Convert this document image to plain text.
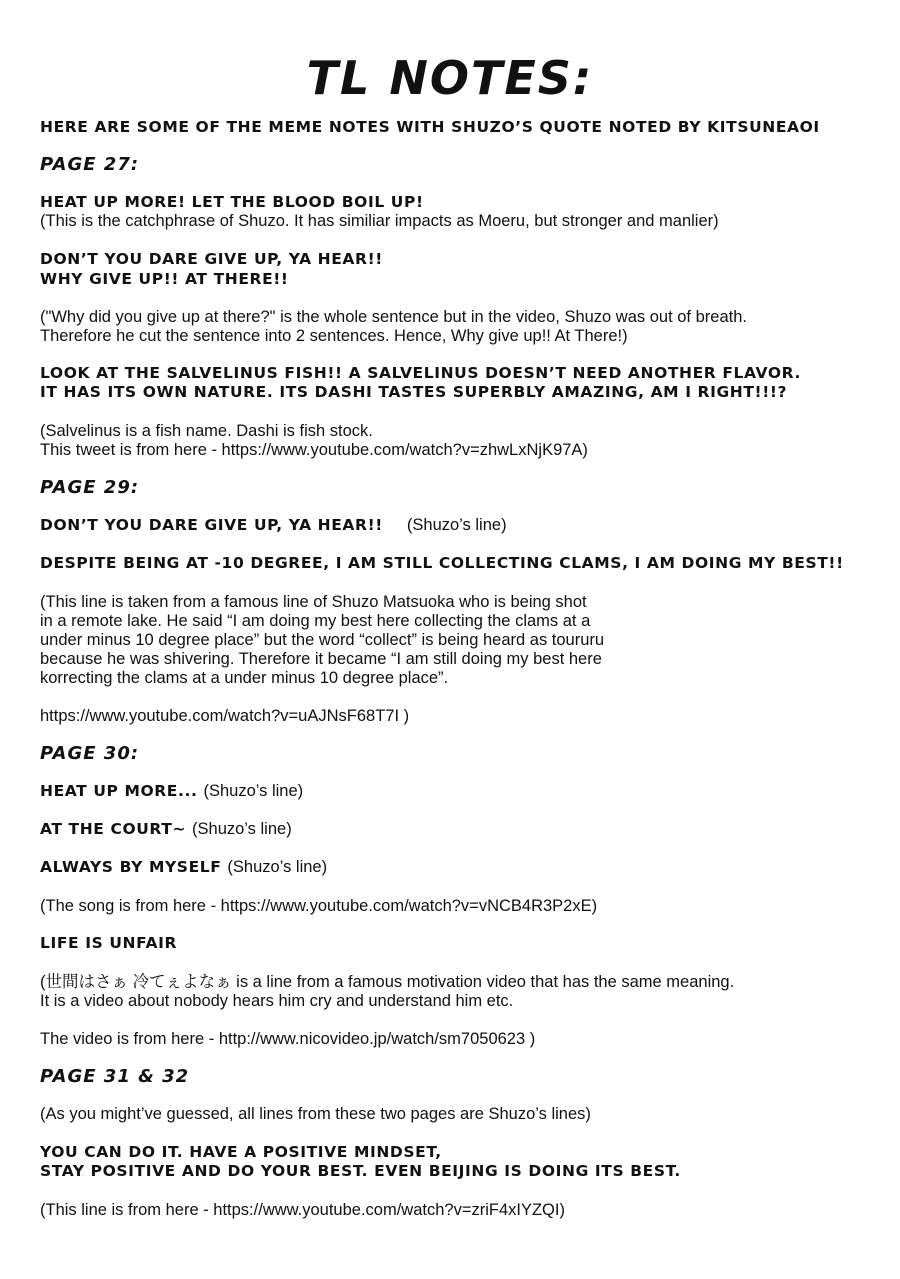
TL NOTES:
HERE ARE SOME OF THE MEME NOTES WITH SHUZO’S QUOTE NOTED BY KITSUNEAOI
PAGE 27:
HEAT UP MORE! LET THE BLOOD BOIL UP!
(This is the catchphrase of Shuzo. It has similiar impacts as Moeru, but stronger and manlier)
DON’T YOU DARE GIVE UP, YA HEAR!!
WHY GIVE UP!! AT THERE!!
("Why did you give up at there?" is the whole sentence but in the video, Shuzo was out of breath.
Therefore he cut the sentence into 2 sentences. Hence, Why give up!! At There!)
LOOK AT THE SALVELINUS FISH!! A SALVELINUS DOESN’T NEED ANOTHER FLAVOR.
IT HAS ITS OWN NATURE. ITS DASHI TASTES SUPERBLY AMAZING, AM I RIGHT!!!?
(Salvelinus is a fish name. Dashi is fish stock.
This tweet is from here - https://www.youtube.com/watch?v=zhwLxNjK97A)
PAGE 29:
DON’T YOU DARE GIVE UP, YA HEAR!! (Shuzo’s line)
DESPITE BEING AT -10 DEGREE, I AM STILL COLLECTING CLAMS, I AM DOING MY BEST!!
(This line is taken from a famous line of Shuzo Matsuoka who is being shot
in a remote lake. He said “I am doing my best here collecting the clams at a
under minus 10 degree place” but the word “collect” is being heard as toururu
because he was shivering. Therefore it became “I am still doing my best here
korrecting the clams at a under minus 10 degree place”.
https://www.youtube.com/watch?v=uAJNsF68T7I )
PAGE 30:
HEAT UP MORE... (Shuzo’s line)
AT THE COURT~ (Shuzo’s line)
ALWAYS BY MYSELF (Shuzo’s line)
(The song is from here - https://www.youtube.com/watch?v=vNCB4R3P2xE)
LIFE IS UNFAIR
(世間はさぁ 冷てぇよなぁ is a line from a famous motivation video that has the same meaning.
It is a video about nobody hears him cry and understand him etc.
The video is from here - http://www.nicovideo.jp/watch/sm7050623 )
PAGE 31 & 32
(As you might’ve guessed, all lines from these two pages are Shuzo’s lines)
YOU CAN DO IT. HAVE A POSITIVE MINDSET,
STAY POSITIVE AND DO YOUR BEST. EVEN BEIJING IS DOING ITS BEST.
(This line is from here - https://www.youtube.com/watch?v=zriF4xIYZQI)
